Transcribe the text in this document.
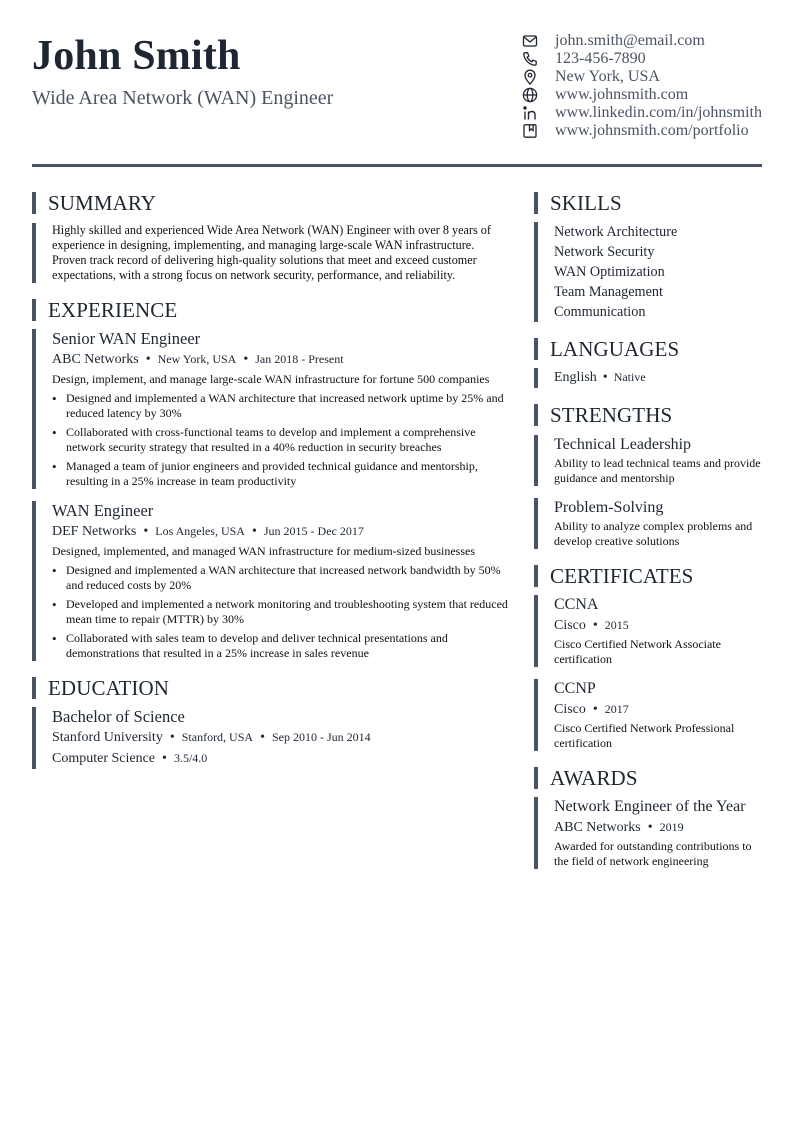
John Smith
Wide Area Network (WAN) Engineer
john.smith@email.com
123-456-7890
New York, USA
www.johnsmith.com
www.linkedin.com/in/johnsmith
www.johnsmith.com/portfolio
SUMMARY
Highly skilled and experienced Wide Area Network (WAN) Engineer with over 8 years of experience in designing, implementing, and managing large-scale WAN infrastructure. Proven track record of delivering high-quality solutions that meet and exceed customer expectations, with a strong focus on network security, performance, and reliability.
EXPERIENCE
Senior WAN Engineer
ABC Networks • New York, USA • Jan 2018 - Present
Design, implement, and manage large-scale WAN infrastructure for fortune 500 companies
• Designed and implemented a WAN architecture that increased network uptime by 25% and reduced latency by 30%
• Collaborated with cross-functional teams to develop and implement a comprehensive network security strategy that resulted in a 40% reduction in security breaches
• Managed a team of junior engineers and provided technical guidance and mentorship, resulting in a 25% increase in team productivity
WAN Engineer
DEF Networks • Los Angeles, USA • Jun 2015 - Dec 2017
Designed, implemented, and managed WAN infrastructure for medium-sized businesses
• Designed and implemented a WAN architecture that increased network bandwidth by 50% and reduced costs by 20%
• Developed and implemented a network monitoring and troubleshooting system that reduced mean time to repair (MTTR) by 30%
• Collaborated with sales team to develop and deliver technical presentations and demonstrations that resulted in a 25% increase in sales revenue
EDUCATION
Bachelor of Science
Stanford University • Stanford, USA • Sep 2010 - Jun 2014
Computer Science • 3.5/4.0
SKILLS
Network Architecture
Network Security
WAN Optimization
Team Management
Communication
LANGUAGES
English • Native
STRENGTHS
Technical Leadership
Ability to lead technical teams and provide guidance and mentorship
Problem-Solving
Ability to analyze complex problems and develop creative solutions
CERTIFICATES
CCNA
Cisco • 2015
Cisco Certified Network Associate certification
CCNP
Cisco • 2017
Cisco Certified Network Professional certification
AWARDS
Network Engineer of the Year
ABC Networks • 2019
Awarded for outstanding contributions to the field of network engineering
